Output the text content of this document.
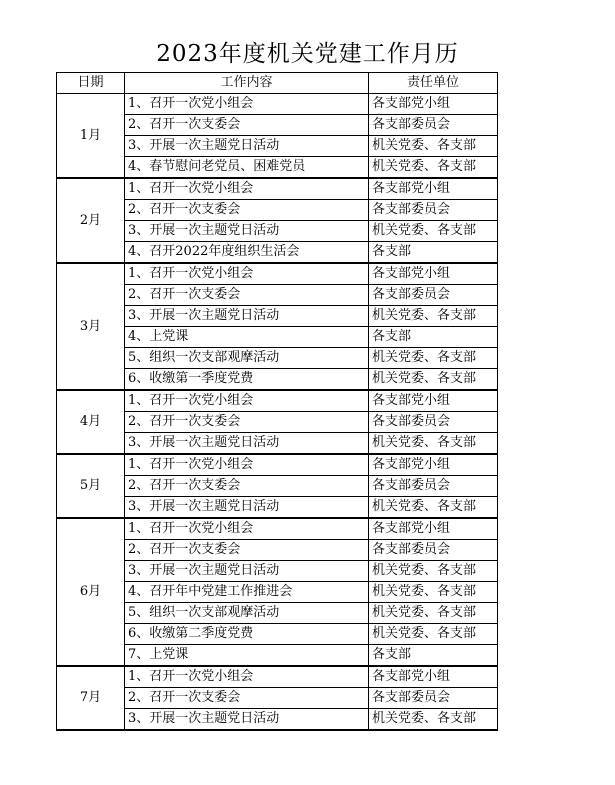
2023年度机关党建工作月历
日期	工作内容	责任单位
1月	1、召开一次党小组会	各支部党小组
	2、召开一次支委会	各支部委员会
	3、开展一次主题党日活动	机关党委、各支部
	4、春节慰问老党员、困难党员	机关党委、各支部
2月	1、召开一次党小组会	各支部党小组
	2、召开一次支委会	各支部委员会
	3、开展一次主题党日活动	机关党委、各支部
	4、召开2022年度组织生活会	各支部
3月	1、召开一次党小组会	各支部党小组
	2、召开一次支委会	各支部委员会
	3、开展一次主题党日活动	机关党委、各支部
	4、上党课	各支部
	5、组织一次支部观摩活动	机关党委、各支部
	6、收缴第一季度党费	机关党委、各支部
4月	1、召开一次党小组会	各支部党小组
	2、召开一次支委会	各支部委员会
	3、开展一次主题党日活动	机关党委、各支部
5月	1、召开一次党小组会	各支部党小组
	2、召开一次支委会	各支部委员会
	3、开展一次主题党日活动	机关党委、各支部
6月	1、召开一次党小组会	各支部党小组
	2、召开一次支委会	各支部委员会
	3、开展一次主题党日活动	机关党委、各支部
	4、召开年中党建工作推进会	机关党委、各支部
	5、组织一次支部观摩活动	机关党委、各支部
	6、收缴第二季度党费	机关党委、各支部
	7、上党课	各支部
7月	1、召开一次党小组会	各支部党小组
	2、召开一次支委会	各支部委员会
	3、开展一次主题党日活动	机关党委、各支部
